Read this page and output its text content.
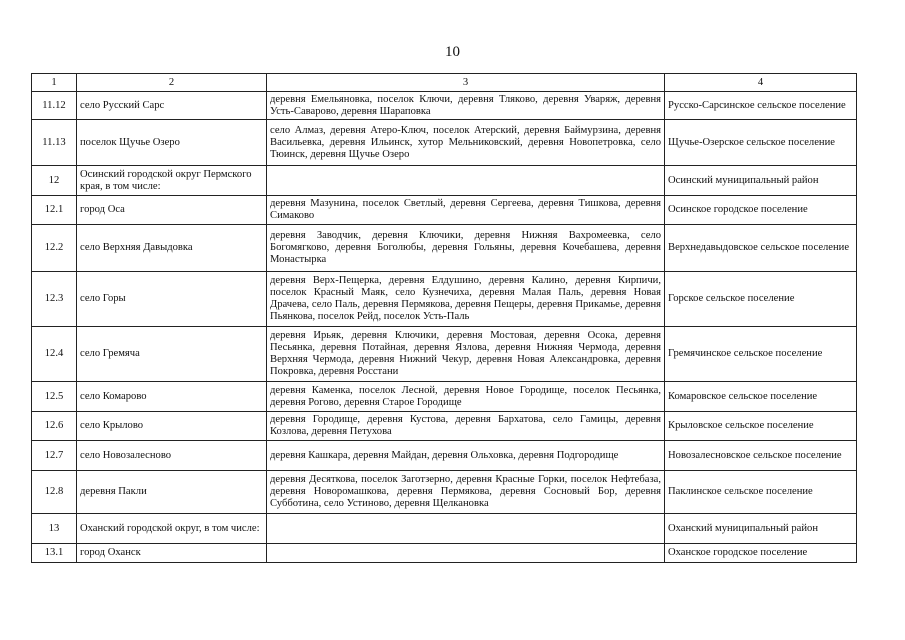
10
1	2	3	4
11.12	село Русский Сарс	деревня Емельяновка, поселок Ключи, деревня Тляково, деревня Уваряж, деревня Усть-Саварово, деревня Шараповка	Русско-Сарсинское сельское поселение
11.13	поселок Щучье Озеро	село Алмаз, деревня Атеро-Ключ, поселок Атерский, деревня Баймурзина, деревня Васильевка, деревня Ильинск, хутор Мельниковский, деревня Новопетровка, село Тюинск, деревня Щучье Озеро	Щучье-Озерское сельское поселение
12	Осинский городской округ Пермского края, в том числе:		Осинский муниципальный район
12.1	город Оса	деревня Мазунина, поселок Светлый, деревня Сергеева, деревня Тишкова, деревня Симаково	Осинское городское поселение
12.2	село Верхняя Давыдовка	деревня Заводчик, деревня Ключики, деревня Нижняя Вахромеевка, село Богомягково, деревня Боголюбы, деревня Гольяны, деревня Кочебашева, деревня Монастырка	Верхнедавыдовское сельское поселение
12.3	село Горы	деревня Верх-Пещерка, деревня Елдушино, деревня Калино, деревня Кирпичи, поселок Красный Маяк, село Кузнечиха, деревня Малая Паль, деревня Новая Драчева, село Паль, деревня Пермякова, деревня Пещеры, деревня Прикамье, деревня Пьянкова, поселок Рейд, поселок Усть-Паль	Горское сельское поселение
12.4	село Гремяча	деревня Ирьяк, деревня Ключики, деревня Мостовая, деревня Осока, деревня Песьянка, деревня Потайная, деревня Язлова, деревня Нижняя Чермода, деревня Верхняя Чермода, деревня Нижний Чекур, деревня Новая Александровка, деревня Покровка, деревня Росстани	Гремячинское сельское поселение
12.5	село Комарово	деревня Каменка, поселок Лесной, деревня Новое Городище, поселок Песьянка, деревня Рогово, деревня Старое Городище	Комаровское сельское поселение
12.6	село Крылово	деревня Городище, деревня Кустова, деревня Бархатова, село Гамицы, деревня Козлова, деревня Петухова	Крыловское сельское поселение
12.7	село Новозалесново	деревня Кашкара, деревня Майдан, деревня Ольховка, деревня Подгородище	Новозалесновское сельское поселение
12.8	деревня Пакли	деревня Десяткова, поселок Заготзерно, деревня Красные Горки, поселок Нефтебаза, деревня Новоромашкова, деревня Пермякова, деревня Сосновый Бор, деревня Субботина, село Устиново, деревня Щелкановка	Паклинское сельское поселение
13	Оханский городской округ, в том числе:		Оханский муниципальный район
13.1	город Оханск		Оханское городское поселение
